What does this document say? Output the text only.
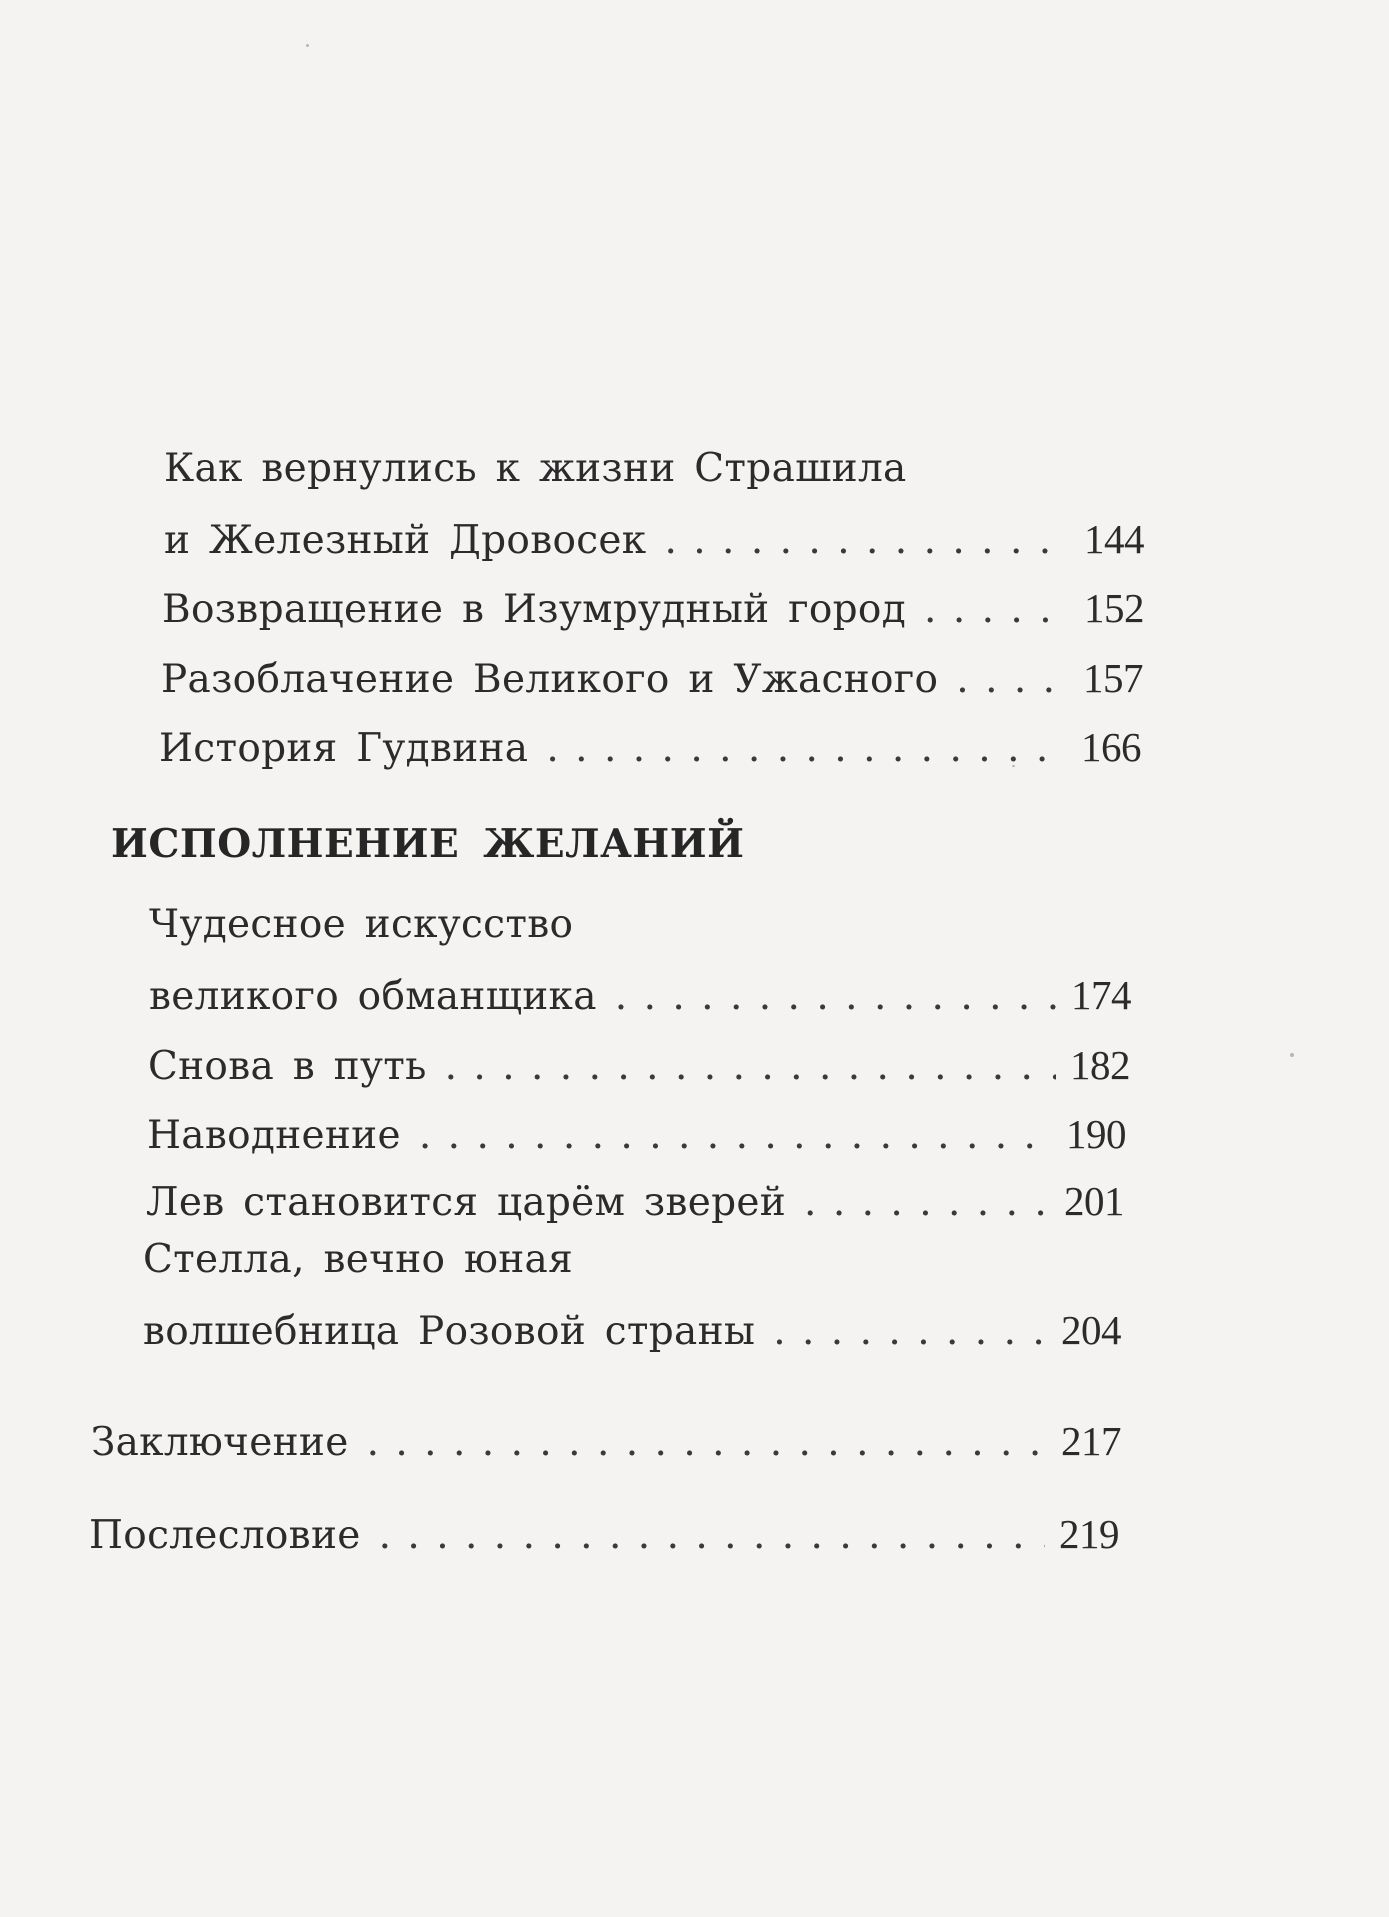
Как вернулись к жизни Страшила
и Железный Дровосек . . .	144
Возвращение в Изумрудный город . . .	152
Разоблачение Великого и Ужасного . . .	157
История Гудвина . . .	166
ИСПОЛНЕНИЕ ЖЕЛАНИЙ
Чудесное искусство
великого обманщика . . .	174
Снова в путь . . .	182
Наводнение . . .	190
Лев становится царём зверей . . .	201
Стелла, вечно юная
волшебница Розовой страны . . .	204
Заключение . . .	217
Послесловие . . .	219
